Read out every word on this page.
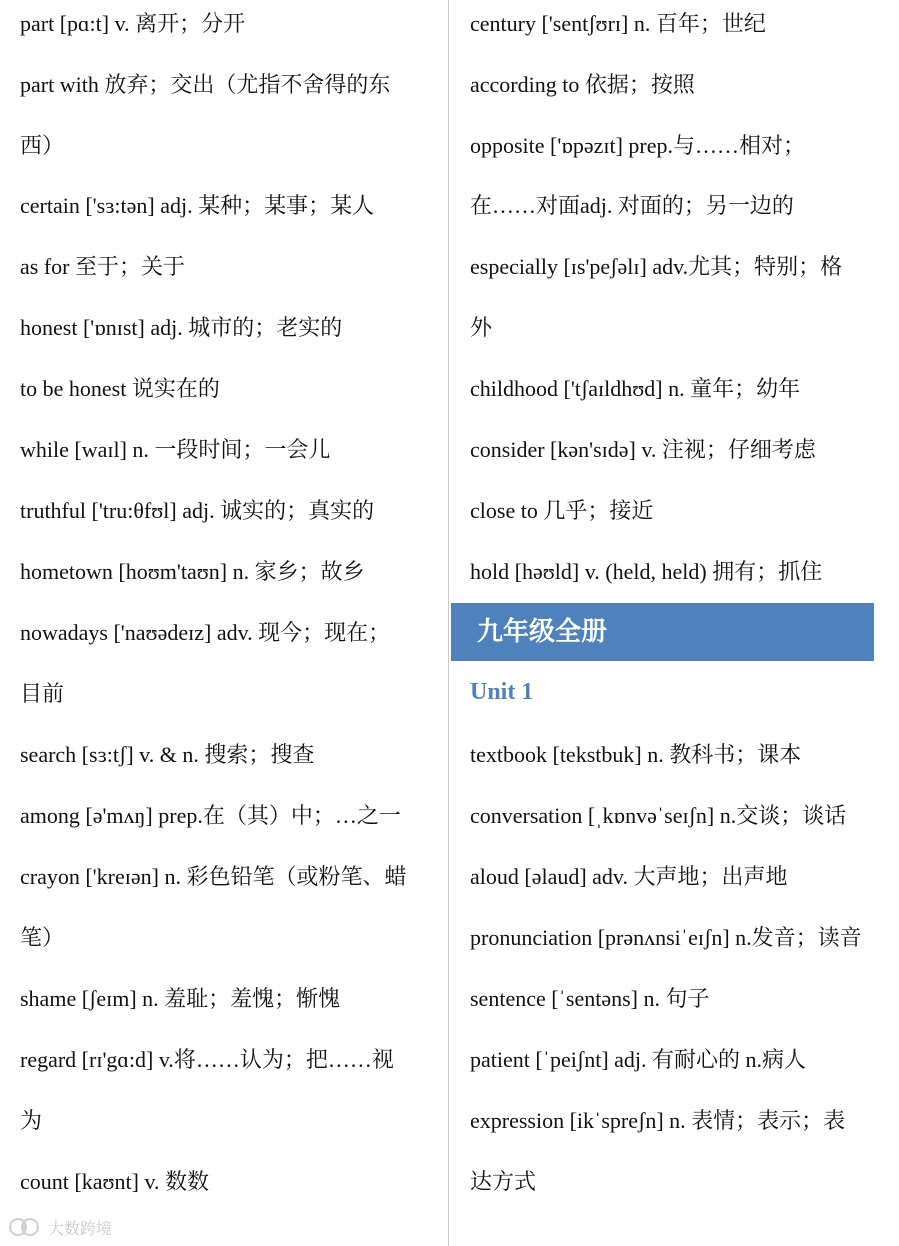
part [pɑ:t] v. 离开；分开
part with 放弃；交出（尤指不舍得的东
西）
certain ['sɜ:tən] adj. 某种；某事；某人
as for 至于；关于
honest ['ɒnɪst] adj. 城市的；老实的
to be honest 说实在的
while [waɪl] n. 一段时间；一会儿
truthful ['tru:θfʊl] adj. 诚实的；真实的
hometown [hoʊm'taʊn] n. 家乡；故乡
nowadays ['naʊədeɪz] adv. 现今；现在；
目前
search [sɜ:tʃ] v. & n. 搜索；搜查
among [ə'mʌŋ] prep.在（其）中；…之一
crayon ['kreɪən] n. 彩色铅笔（或粉笔、蜡
笔）
shame [ʃeɪm] n. 羞耻；羞愧；惭愧
regard [rɪ'gɑ:d] v.将……认为；把……视
为
count [kaʊnt] v. 数数
century ['sentʃʊrɪ] n. 百年；世纪
according to 依据；按照
opposite ['ɒpəzɪt] prep.与……相对；
在……对面adj. 对面的；另一边的
especially [ɪs'peʃəlɪ] adv.尤其；特别；格
外
childhood ['tʃaɪldhʊd] n. 童年；幼年
consider [kən'sɪdə] v. 注视；仔细考虑
close to 几乎；接近
hold [həʊld] v. (held, held) 拥有；抓住
Unit 1
textbook [tekstbuk] n. 教科书；课本
conversation [ˌkɒnvəˈseɪʃn] n.交谈；谈话
aloud [əlaud] adv. 大声地；出声地
pronunciation [prənʌnsiˈeɪʃn] n.发音；读音
sentence [ˈsentəns] n. 句子
patient [ˈpeiʃnt] adj. 有耐心的 n.病人
expression [ikˈspreʃn] n. 表情；表示；表
达方式
九年级全册
大数跨境
